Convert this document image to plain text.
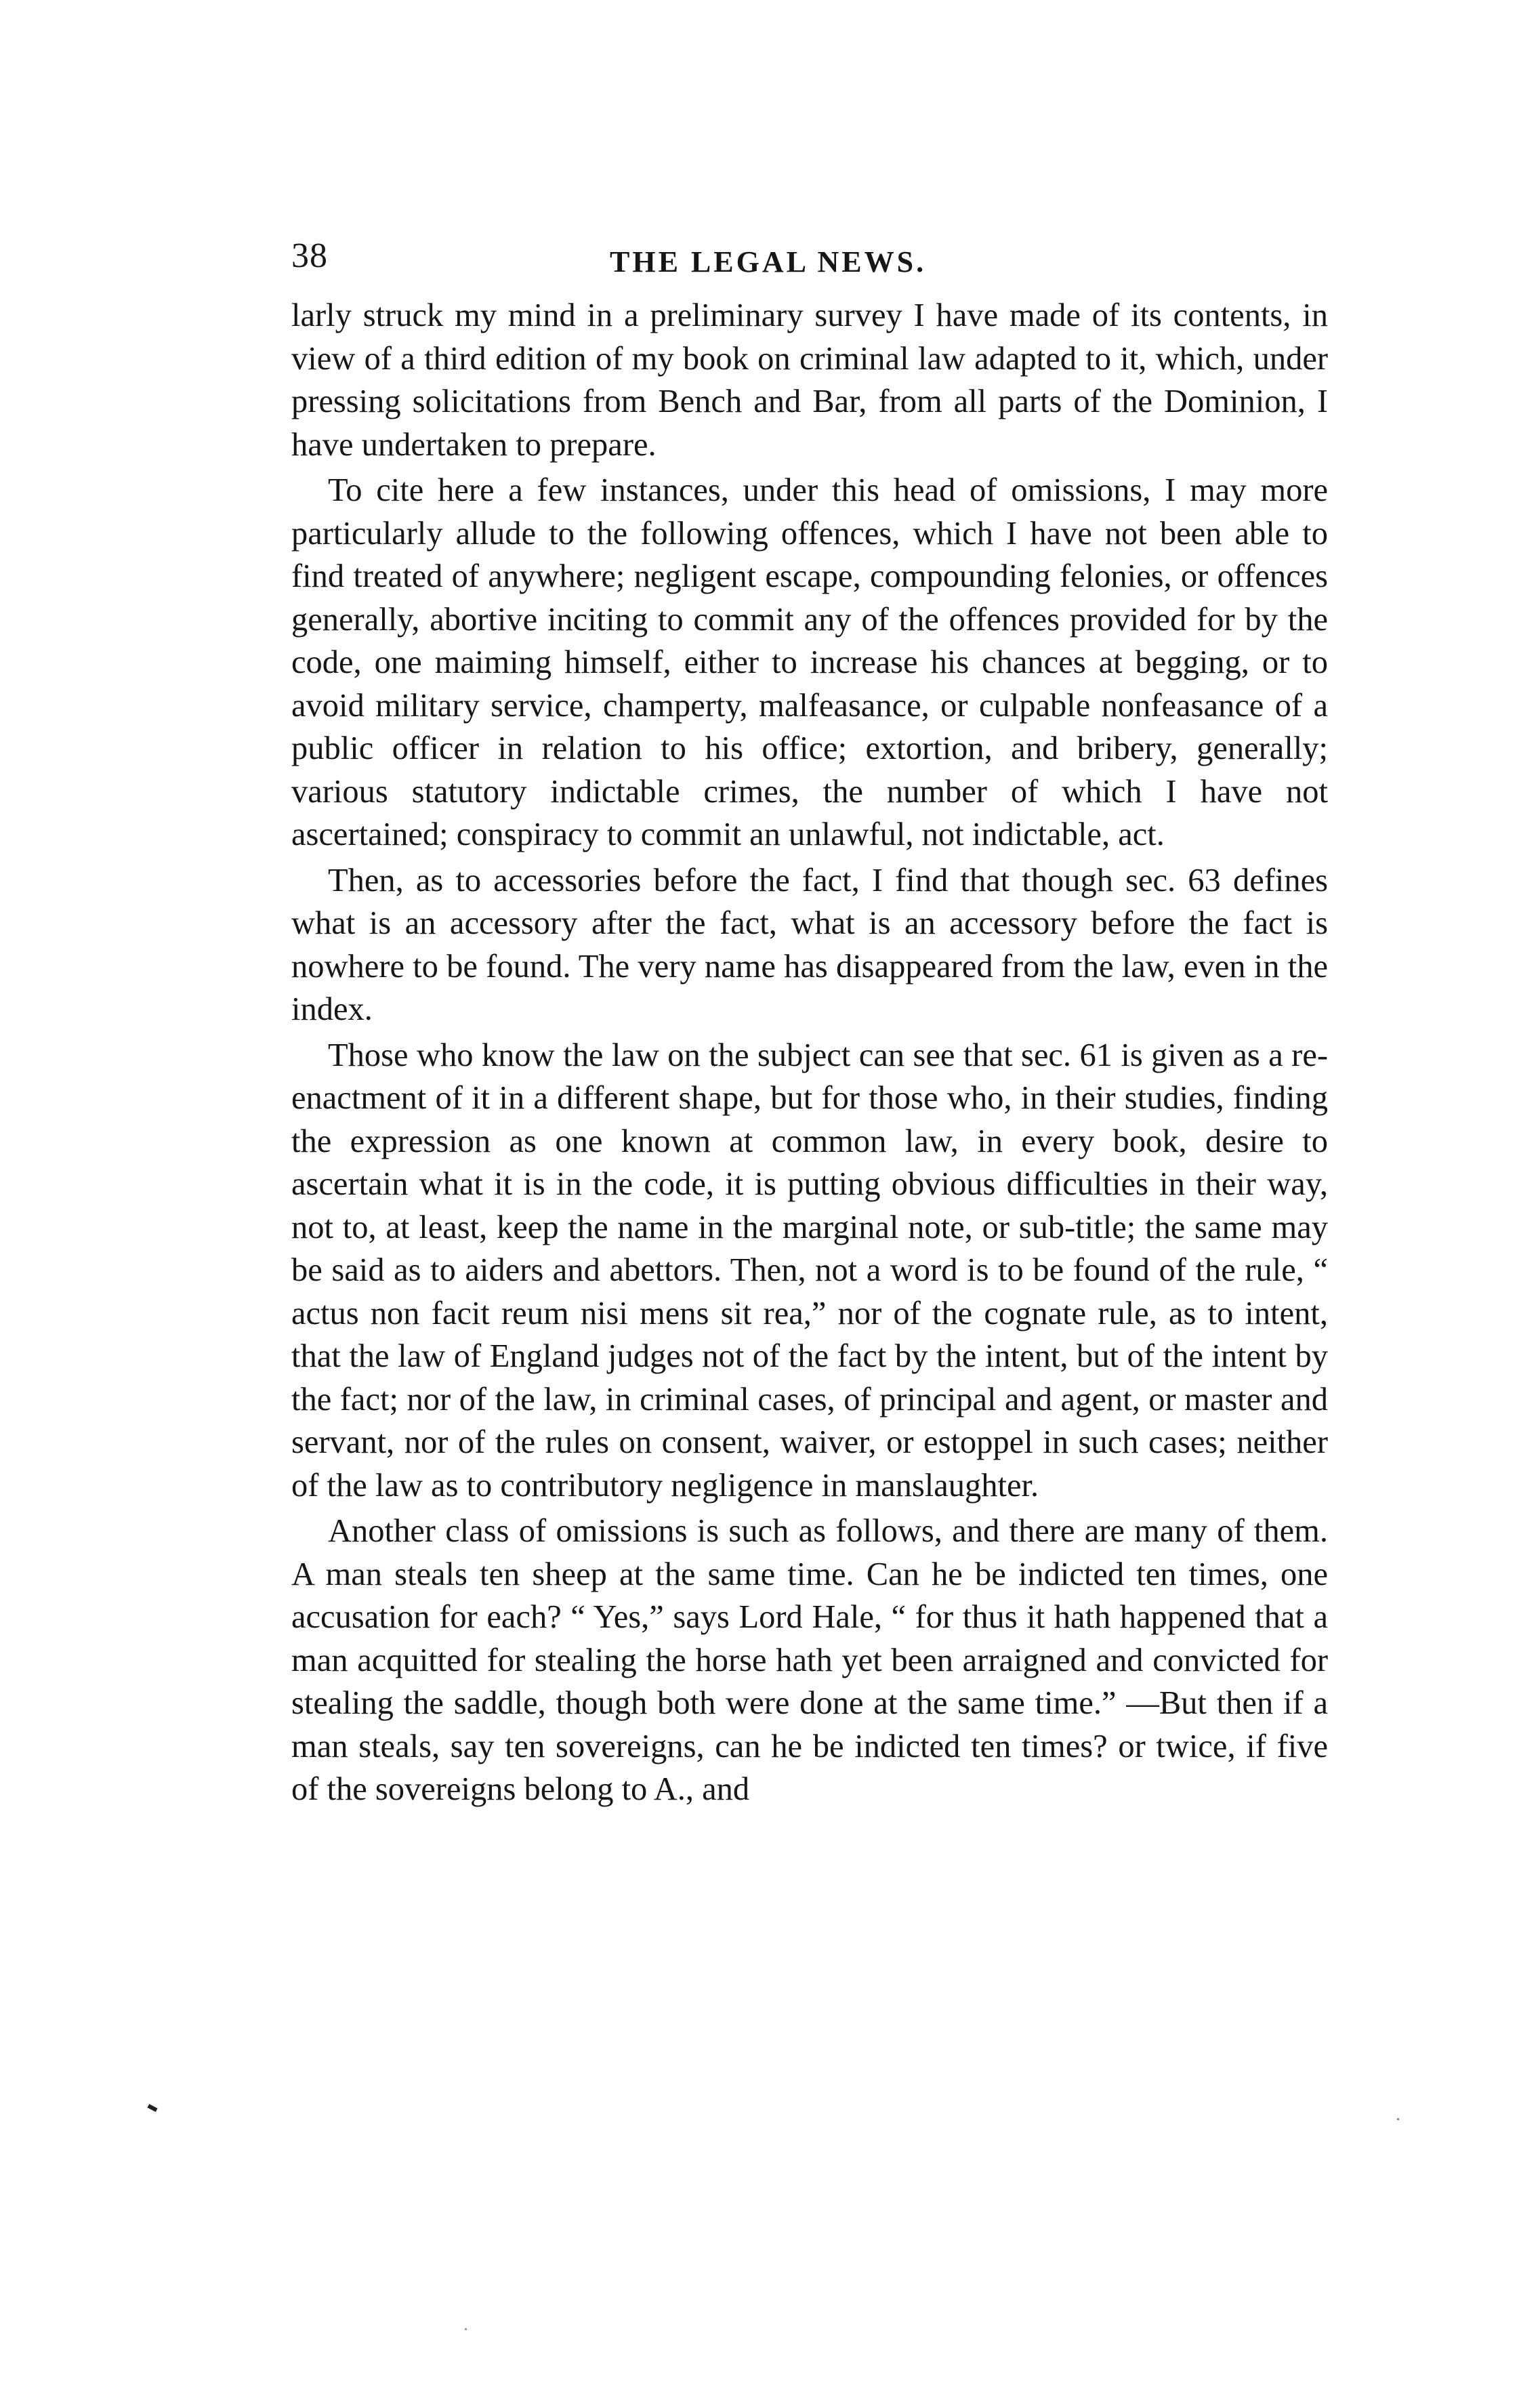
38	THE LEGAL NEWS.

larly struck my mind in a preliminary survey I have made of its contents, in view of a third edition of my book on criminal law adapted to it, which, under pressing solicitations from Bench and Bar, from all parts of the Dominion, I have undertaken to prepare.

To cite here a few instances, under this head of omissions, I may more particularly allude to the following offences, which I have not been able to find treated of anywhere; negligent escape, compounding felonies, or offences generally, abortive inciting to commit any of the offences provided for by the code, one maiming himself, either to increase his chances at begging, or to avoid military service, champerty, malfeasance, or culpable nonfeasance of a public officer in relation to his office; extortion, and bribery, generally; various statutory indictable crimes, the number of which I have not ascertained; conspiracy to commit an unlawful, not indictable, act.

Then, as to accessories before the fact, I find that though sec. 63 defines what is an accessory after the fact, what is an accessory before the fact is nowhere to be found. The very name has disappeared from the law, even in the index.

Those who know the law on the subject can see that sec. 61 is given as a re-enactment of it in a different shape, but for those who, in their studies, finding the expression as one known at common law, in every book, desire to ascertain what it is in the code, it is putting obvious difficulties in their way, not to, at least, keep the name in the marginal note, or sub-title; the same may be said as to aiders and abettors. Then, not a word is to be found of the rule, “ actus non facit reum nisi mens sit rea,” nor of the cognate rule, as to intent, that the law of England judges not of the fact by the intent, but of the intent by the fact; nor of the law, in criminal cases, of principal and agent, or master and servant, nor of the rules on consent, waiver, or estoppel in such cases; neither of the law as to contributory negligence in manslaughter.

Another class of omissions is such as follows, and there are many of them. A man steals ten sheep at the same time. Can he be indicted ten times, one accusation for each? “ Yes,” says Lord Hale, “ for thus it hath happened that a man acquitted for stealing the horse hath yet been arraigned and convicted for stealing the saddle, though both were done at the same time.” —But then if a man steals, say ten sovereigns, can he be indicted ten times? or twice, if five of the sovereigns belong to A., and
